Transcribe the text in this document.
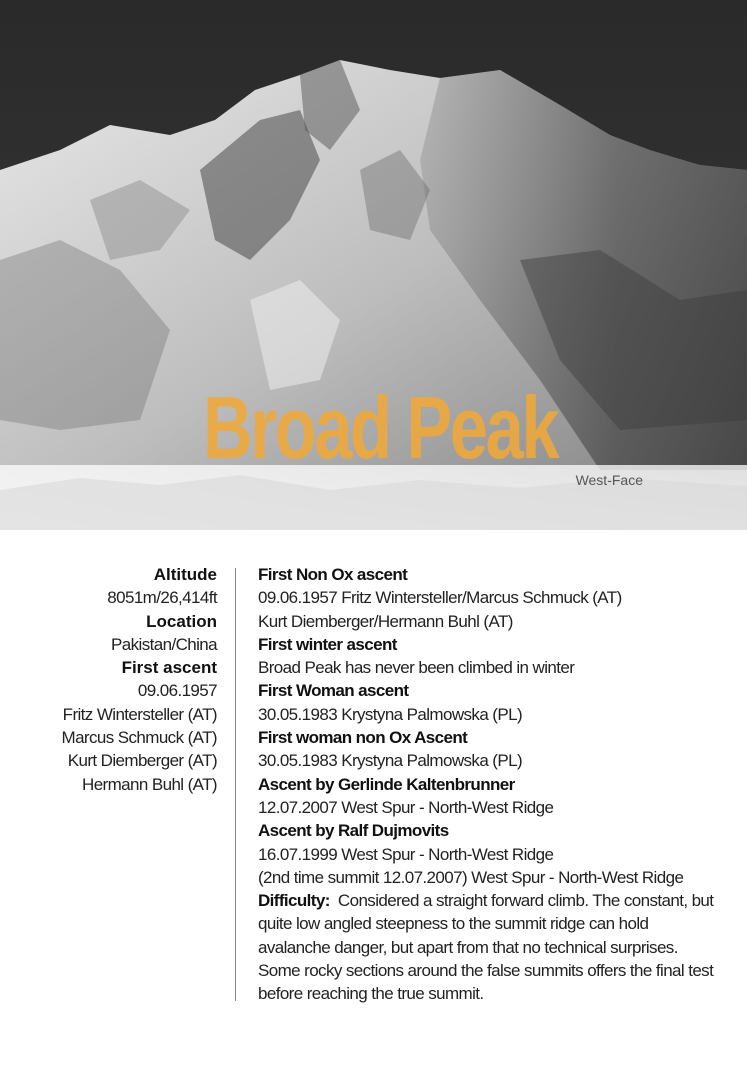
Broad Peak

West-Face

Altitude
8051m/26,414ft
Location
Pakistan/China
First ascent
09.06.1957
Fritz Wintersteller (AT)
Marcus Schmuck (AT)
Kurt Diemberger (AT)
Hermann Buhl (AT)
First Non Ox ascent
09.06.1957 Fritz Wintersteller/Marcus Schmuck (AT)
Kurt Diemberger/Hermann Buhl (AT)
First winter ascent
Broad Peak has never been climbed in winter
First Woman ascent
30.05.1983 Krystyna Palmowska (PL)
First woman non Ox Ascent
30.05.1983 Krystyna Palmowska (PL)
Ascent by Gerlinde Kaltenbrunner
12.07.2007 West Spur - North-West Ridge
Ascent by Ralf Dujmovits
16.07.1999 West Spur - North-West Ridge
(2nd time summit 12.07.2007) West Spur - North-West Ridge
Difficulty: Considered a straight forward climb. The constant, but quite low angled steepness to the summit ridge can hold avalanche danger, but apart from that no technical surprises. Some rocky sections around the false summits offers the final test before reaching the true summit.
